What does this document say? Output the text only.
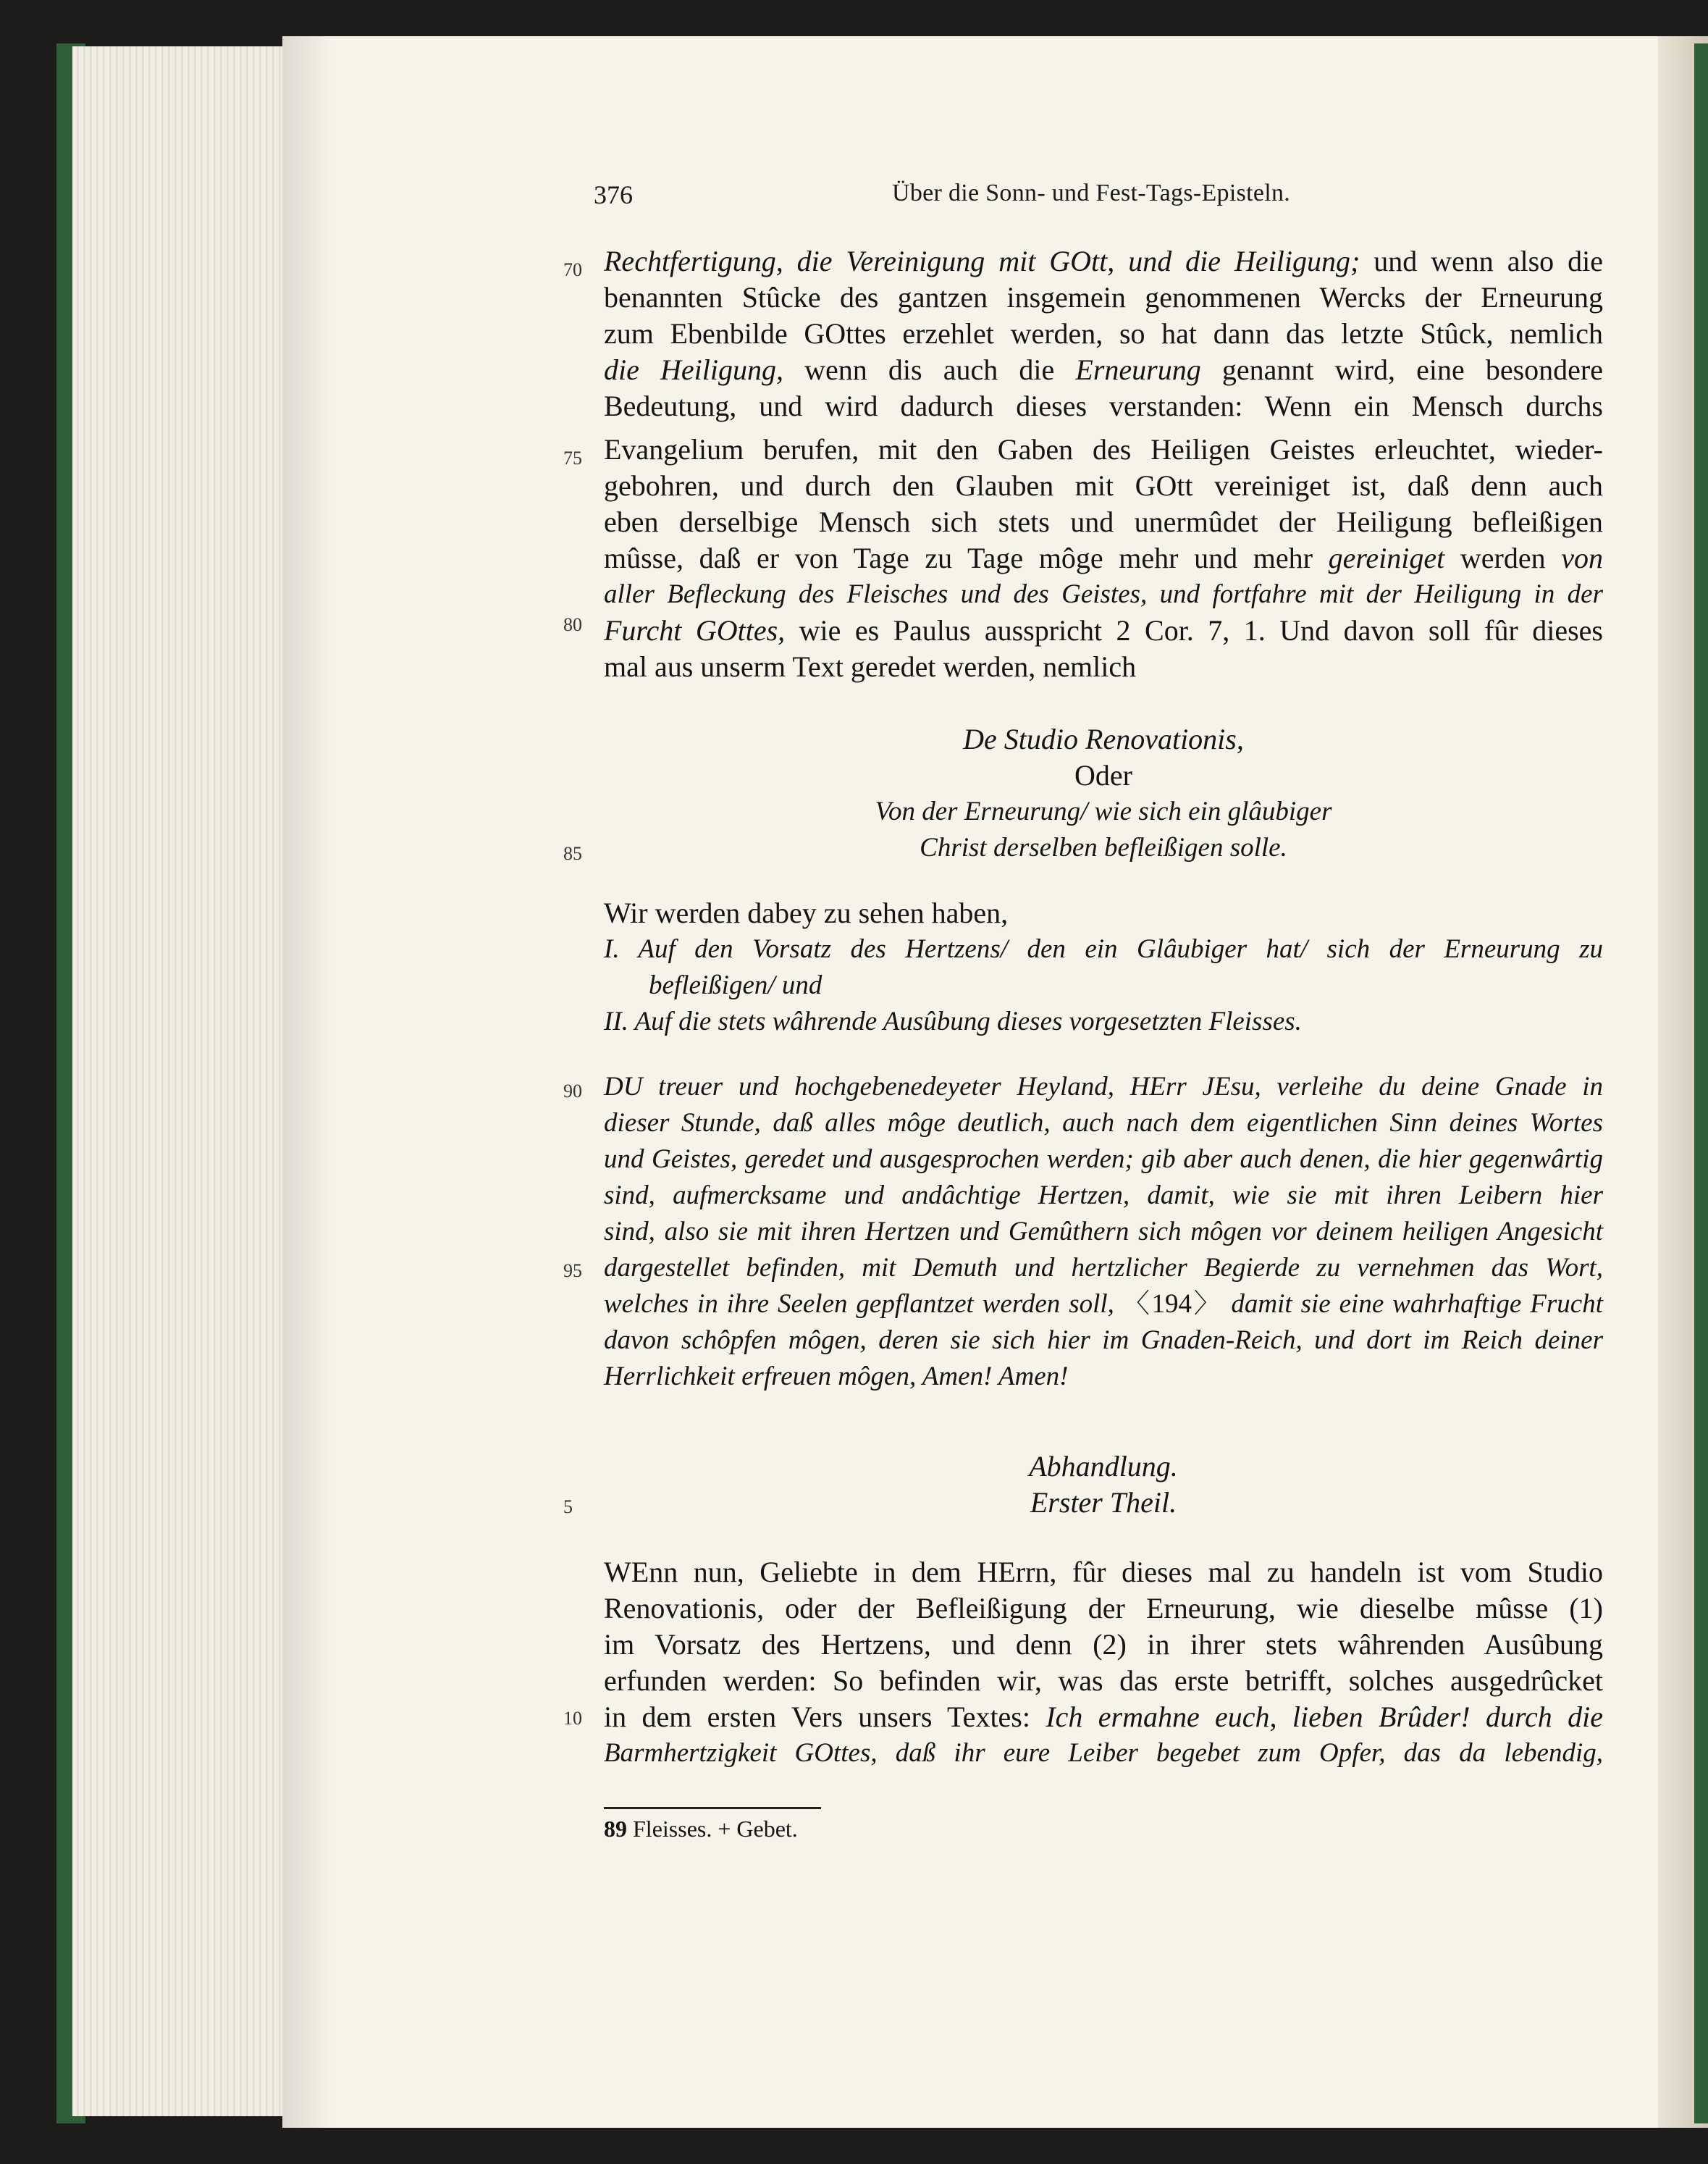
376	Über die Sonn- und Fest-Tags-Episteln.
70
75
80
85
90
95
5
10
Rechtfertigung, die Vereinigung mit GOtt, und die Heiligung; und wenn also die
benannten Stûcke des gantzen insgemein genommenen Wercks der Erneurung
zum Ebenbilde GOttes erzehlet werden, so hat dann das letzte Stûck, nemlich
die Heiligung, wenn dis auch die Erneurung genannt wird, eine besondere
Bedeutung, und wird dadurch dieses verstanden: Wenn ein Mensch durchs
Evangelium berufen, mit den Gaben des Heiligen Geistes erleuchtet, wieder-
gebohren, und durch den Glauben mit GOtt vereiniget ist, daß denn auch
eben derselbige Mensch sich stets und unermûdet der Heiligung befleißigen
mûsse, daß er von Tage zu Tage môge mehr und mehr gereiniget werden von
aller Befleckung des Fleisches und des Geistes, und fortfahre mit der Heiligung in der
Furcht GOttes, wie es Paulus ausspricht 2 Cor. 7, 1. Und davon soll fûr dieses
mal aus unserm Text geredet werden, nemlich
De Studio Renovationis,
Oder
Von der Erneurung/ wie sich ein glâubiger
Christ derselben befleißigen solle.
Wir werden dabey zu sehen haben,
I. Auf den Vorsatz des Hertzens/ den ein Glâubiger hat/ sich der Erneurung zu
befleißigen/ und
II. Auf die stets wâhrende Ausûbung dieses vorgesetzten Fleisses.
DU treuer und hochgebenedeyeter Heyland, HErr JEsu, verleihe du deine Gnade in
dieser Stunde, daß alles môge deutlich, auch nach dem eigentlichen Sinn deines Wortes
und Geistes, geredet und ausgesprochen werden; gib aber auch denen, die hier gegenwârtig
sind, aufmercksame und andâchtige Hertzen, damit, wie sie mit ihren Leibern hier
sind, also sie mit ihren Hertzen und Gemûthern sich môgen vor deinem heiligen Angesicht
dargestellet befinden, mit Demuth und hertzlicher Begierde zu vernehmen das Wort,
welches in ihre Seelen gepflantzet werden soll, 〈194〉 damit sie eine wahrhaftige Frucht
davon schôpfen môgen, deren sie sich hier im Gnaden-Reich, und dort im Reich deiner
Herrlichkeit erfreuen môgen, Amen! Amen!
Abhandlung.
Erster Theil.
WEnn nun, Geliebte in dem HErrn, fûr dieses mal zu handeln ist vom Studio
Renovationis, oder der Befleißigung der Erneurung, wie dieselbe mûsse (1)
im Vorsatz des Hertzens, und denn (2) in ihrer stets wâhrenden Ausûbung
erfunden werden: So befinden wir, was das erste betrifft, solches ausgedrûcket
in dem ersten Vers unsers Textes: Ich ermahne euch, lieben Brûder! durch die
Barmhertzigkeit GOttes, daß ihr eure Leiber begebet zum Opfer, das da lebendig,
89 Fleisses. + Gebet.
